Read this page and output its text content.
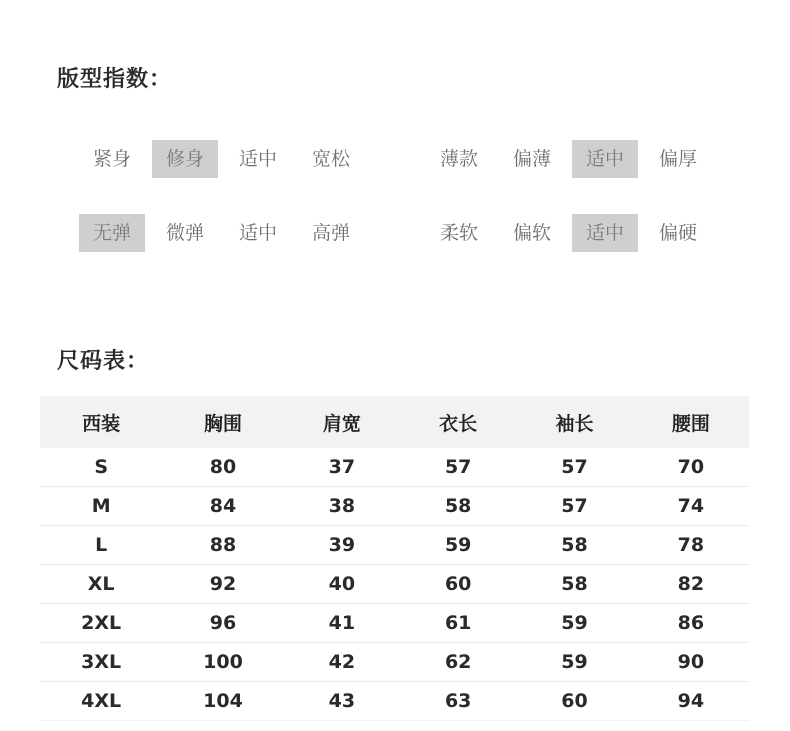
版型指数：
紧身	修身	适中	宽松	薄款	偏薄	适中	偏厚
无弹	微弹	适中	高弹	柔软	偏软	适中	偏硬
尺码表：
西装	胸围	肩宽	衣长	袖长	腰围
S	80	37	57	57	70
M	84	38	58	57	74
L	88	39	59	58	78
XL	92	40	60	58	82
2XL	96	41	61	59	86
3XL	100	42	62	59	90
4XL	104	43	63	60	94
